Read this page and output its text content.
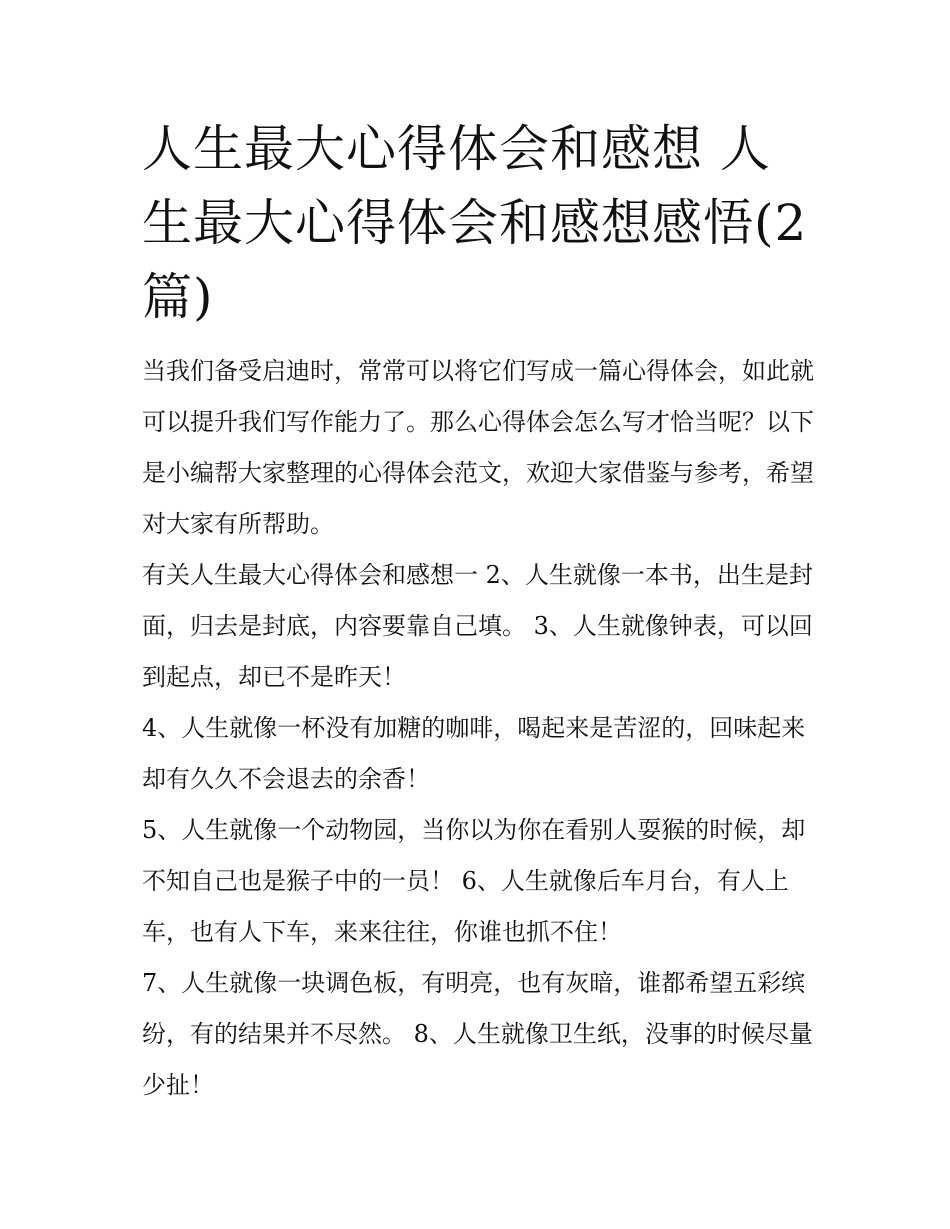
人生最大心得体会和感想 人生最大心得体会和感想感悟(2篇)

当我们备受启迪时，常常可以将它们写成一篇心得体会，如此就可以提升我们写作能力了。那么心得体会怎么写才恰当呢？以下是小编帮大家整理的心得体会范文，欢迎大家借鉴与参考，希望对大家有所帮助。

有关人生最大心得体会和感想一 2、人生就像一本书，出生是封面，归去是封底，内容要靠自己填。 3、人生就像钟表，可以回到起点，却已不是昨天！

4、人生就像一杯没有加糖的咖啡，喝起来是苦涩的，回味起来却有久久不会退去的余香！

5、人生就像一个动物园，当你以为你在看别人耍猴的时候，却不知自己也是猴子中的一员！ 6、人生就像后车月台，有人上车，也有人下车，来来往往，你谁也抓不住！

7、人生就像一块调色板，有明亮，也有灰暗，谁都希望五彩缤纷，有的结果并不尽然。 8、人生就像卫生纸，没事的时候尽量少扯！
